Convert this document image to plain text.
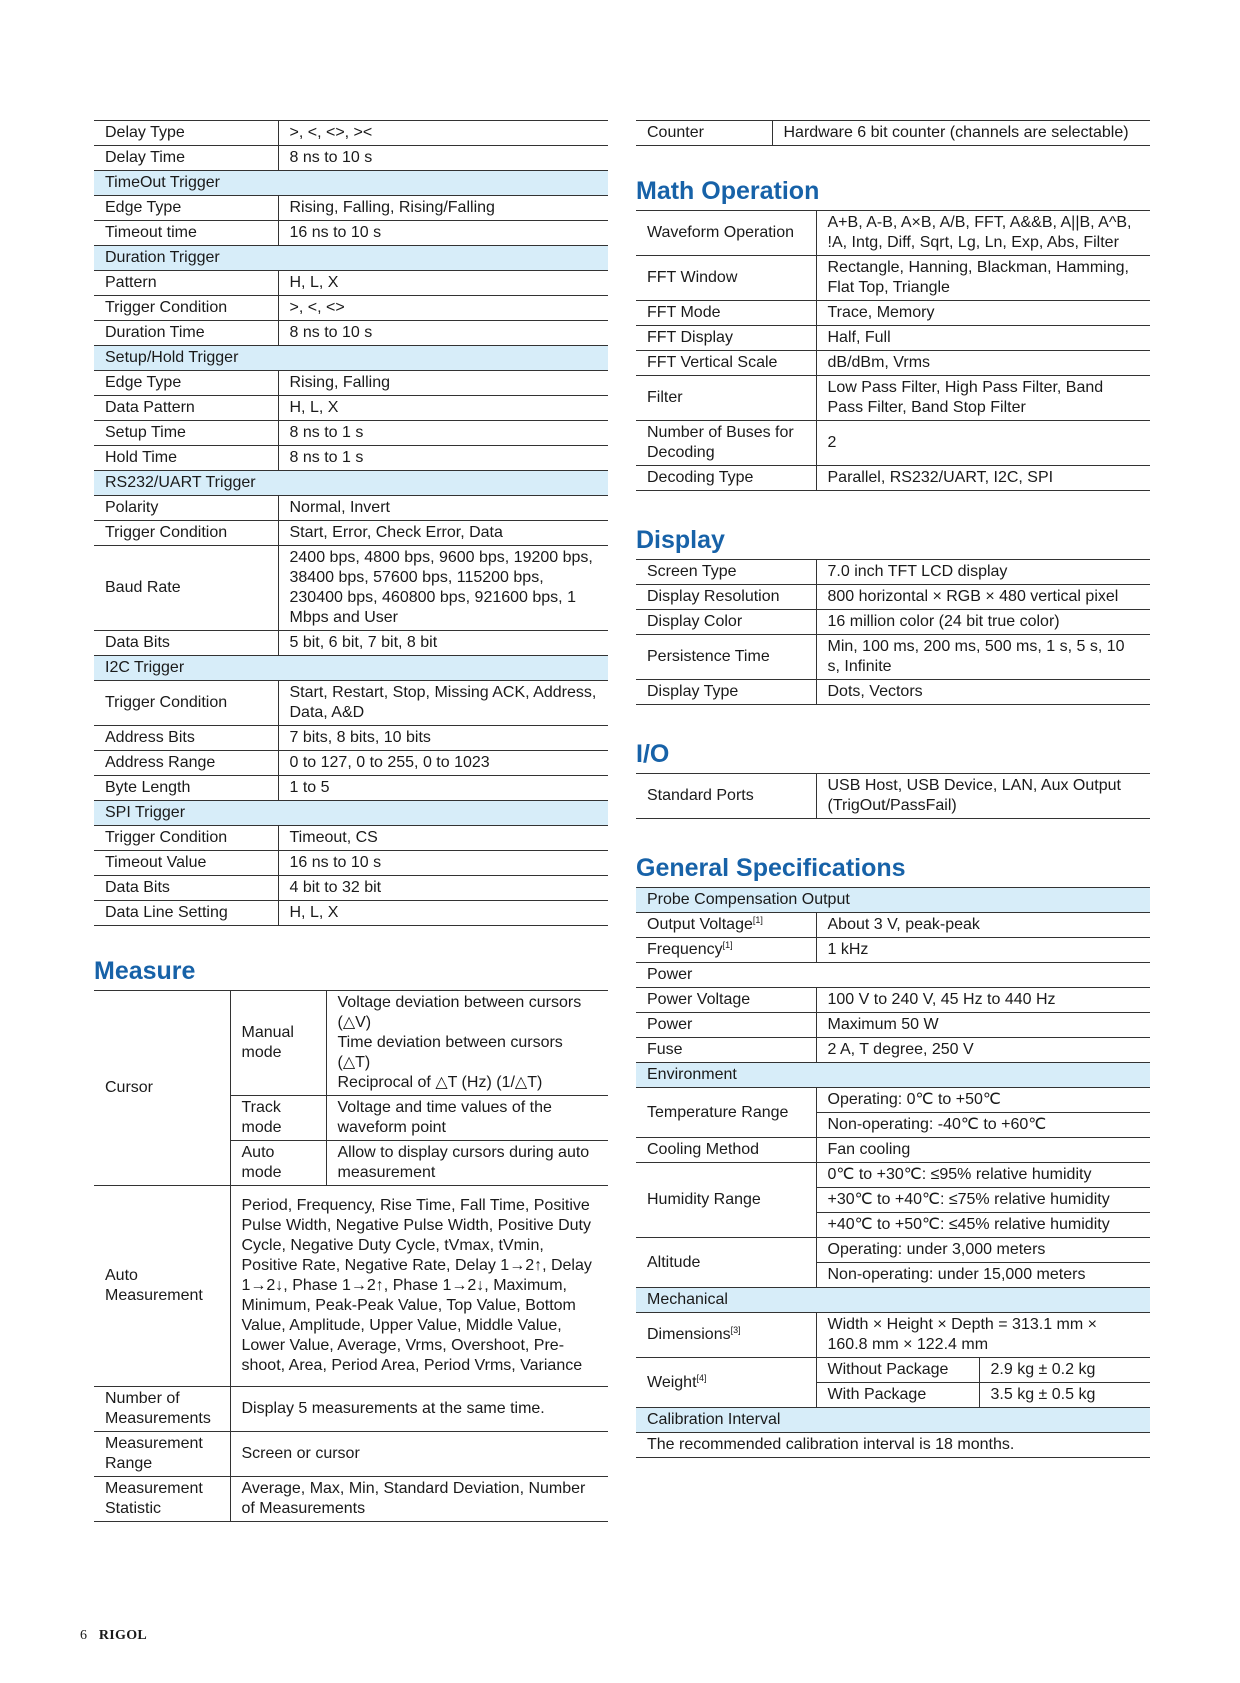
Delay Type	>, <, <>, ><
Delay Time	8 ns to 10 s
TimeOut Trigger	
Edge Type	Rising, Falling, Rising/Falling
Timeout time	16 ns to 10 s
Duration Trigger	
Pattern	H, L, X
Trigger Condition	>, <, <>
Duration Time	8 ns to 10 s
Setup/Hold Trigger	
Edge Type	Rising, Falling
Data Pattern	H, L, X
Setup Time	8 ns to 1 s
Hold Time	8 ns to 1 s
RS232/UART Trigger	
Polarity	Normal, Invert
Trigger Condition	Start, Error, Check Error, Data
Baud Rate	2400 bps, 4800 bps, 9600 bps, 19200 bps, 38400 bps, 57600 bps, 115200 bps, 230400 bps, 460800 bps, 921600 bps, 1 Mbps and User
Data Bits	5 bit, 6 bit, 7 bit, 8 bit
I2C Trigger	
Trigger Condition	Start, Restart, Stop, Missing ACK, Address, Data, A&D
Address Bits	7 bits, 8 bits, 10 bits
Address Range	0 to 127, 0 to 255, 0 to 1023
Byte Length	1 to 5
SPI Trigger	
Trigger Condition	Timeout, CS
Timeout Value	16 ns to 10 s
Data Bits	4 bit to 32 bit
Data Line Setting	H, L, X
Measure
Cursor	Manual mode	Voltage deviation between cursors (△V)
Time deviation between cursors (△T)
Reciprocal of △T (Hz) (1/△T)
	Track mode	Voltage and time values of the waveform point
	Auto mode	Allow to display cursors during auto measurement
Auto Measurement	Period, Frequency, Rise Time, Fall Time, Positive Pulse Width, Negative Pulse Width, Positive Duty Cycle, Negative Duty Cycle, tVmax, tVmin, Positive Rate, Negative Rate, Delay 1→2↑, Delay 1→2↓, Phase 1→2↑, Phase 1→2↓, Maximum, Minimum, Peak-Peak Value, Top Value, Bottom Value, Amplitude, Upper Value, Middle Value, Lower Value, Average, Vrms, Overshoot, Pre-shoot, Area, Period Area, Period Vrms, Variance	
Number of Measurements	Display 5 measurements at the same time.	
Measurement Range	Screen or cursor	
Measurement Statistic	Average, Max, Min, Standard Deviation, Number of Measurements	
Counter	Hardware 6 bit counter (channels are selectable)
Math Operation
Waveform Operation	A+B, A-B, A×B, A/B, FFT, A&&B, A||B, A^B, !A, Intg, Diff, Sqrt, Lg, Ln, Exp, Abs, Filter
FFT Window	Rectangle, Hanning, Blackman, Hamming, Flat Top, Triangle
FFT Mode	Trace, Memory
FFT Display	Half, Full
FFT Vertical Scale	dB/dBm, Vrms
Filter	Low Pass Filter, High Pass Filter, Band Pass Filter, Band Stop Filter
Number of Buses for Decoding	2
Decoding Type	Parallel, RS232/UART, I2C, SPI
Display
Screen Type	7.0 inch TFT LCD display
Display Resolution	800 horizontal × RGB × 480 vertical pixel
Display Color	16 million color (24 bit true color)
Persistence Time	Min, 100 ms, 200 ms, 500 ms, 1 s, 5 s, 10 s, Infinite
Display Type	Dots, Vectors
I/O
Standard Ports	USB Host, USB Device, LAN, Aux Output (TrigOut/PassFail)
General Specifications
Probe Compensation Output		
Output Voltage[1]	About 3 V, peak-peak	
Frequency[1]	1 kHz	
Power		
Power Voltage	100 V to 240 V, 45 Hz to 440 Hz	
Power	Maximum 50 W	
Fuse	2 A, T degree, 250 V	
Environment		
Temperature Range	Operating: 0℃ to +50℃	
	Non-operating: -40℃ to +60℃	
Cooling Method	Fan cooling	
Humidity Range	0℃ to +30℃: ≤95% relative humidity	
	+30℃ to +40℃: ≤75% relative humidity	
	+40℃ to +50℃: ≤45% relative humidity	
Altitude	Operating: under 3,000 meters	
	Non-operating: under 15,000 meters	
Mechanical		
Dimensions[3]	Width × Height × Depth = 313.1 mm × 160.8 mm × 122.4 mm	
Weight[4]	Without Package	2.9 kg ± 0.2 kg
	With Package	3.5 kg ± 0.5 kg
Calibration Interval		
The recommended calibration interval is 18 months.		
6 RIGOL
